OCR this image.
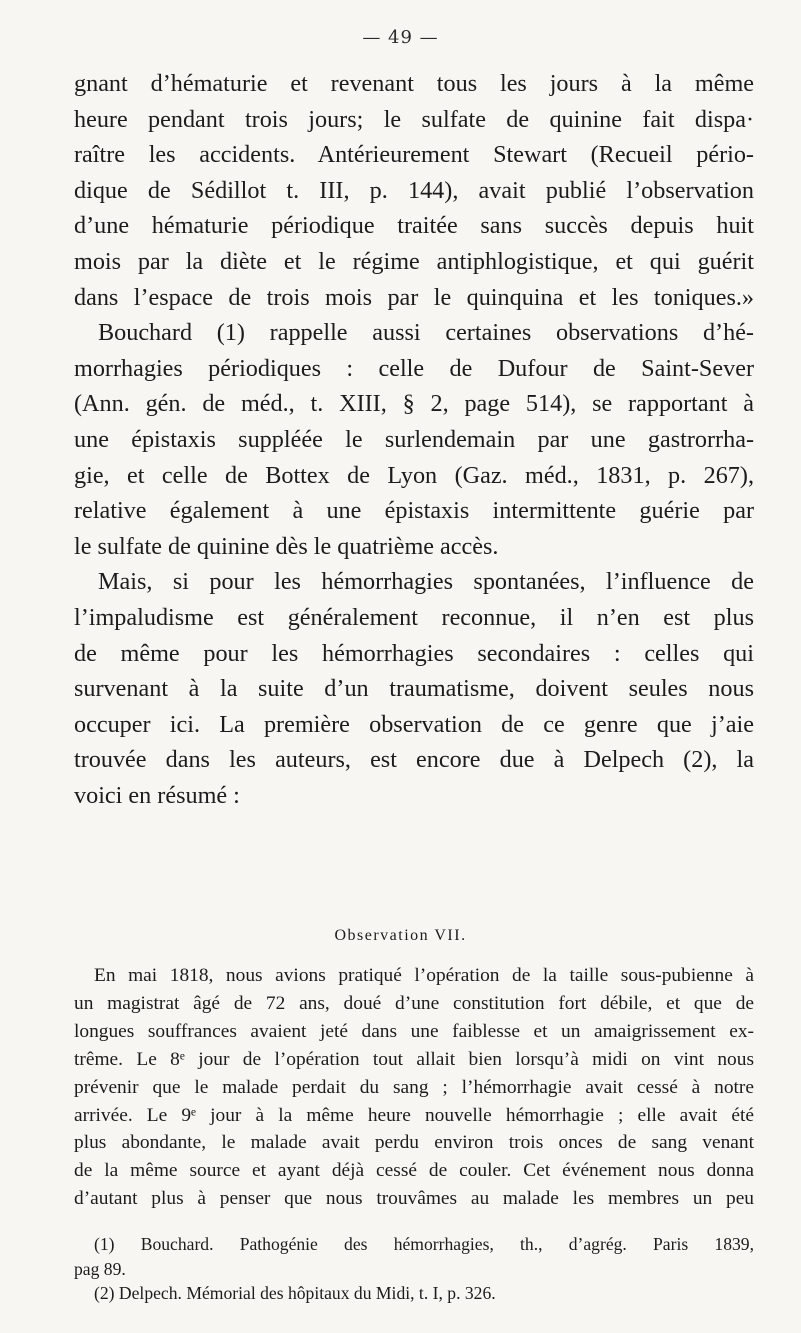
— 49 —
gnant d’hématurie et revenant tous les jours à la même
heure pendant trois jours; le sulfate de quinine fait dispa·
raître les accidents. Antérieurement Stewart (Recueil pério-
dique de Sédillot t. III, p. 144), avait publié l’observation
d’une hématurie périodique traitée sans succès depuis huit
mois par la diète et le régime antiphlogistique, et qui guérit
dans l’espace de trois mois par le quinquina et les toniques.»
Bouchard (1) rappelle aussi certaines observations d’hé-
morrhagies périodiques : celle de Dufour de Saint-Sever
(Ann. gén. de méd., t. XIII, § 2, page 514), se rapportant à
une épistaxis suppléée le surlendemain par une gastrorrha-
gie, et celle de Bottex de Lyon (Gaz. méd., 1831, p. 267),
relative également à une épistaxis intermittente guérie par
le sulfate de quinine dès le quatrième accès.
Mais, si pour les hémorrhagies spontanées, l’influence de
l’impaludisme est généralement reconnue, il n’en est plus
de même pour les hémorrhagies secondaires : celles qui
survenant à la suite d’un traumatisme, doivent seules nous
occuper ici. La première observation de ce genre que j’aie
trouvée dans les auteurs, est encore due à Delpech (2), la
voici en résumé :
Observation VII.
En mai 1818, nous avions pratiqué l’opération de la taille sous-pubienne à
un magistrat âgé de 72 ans, doué d’une constitution fort débile, et que de
longues souffrances avaient jeté dans une faiblesse et un amaigrissement ex-
trême. Le 8ᵉ jour de l’opération tout allait bien lorsqu’à midi on vint nous
prévenir que le malade perdait du sang ; l’hémorrhagie avait cessé à notre
arrivée. Le 9ᵉ jour à la même heure nouvelle hémorrhagie ; elle avait été
plus abondante, le malade avait perdu environ trois onces de sang venant
de la même source et ayant déjà cessé de couler. Cet événement nous donna
d’autant plus à penser que nous trouvâmes au malade les membres un peu
(1) Bouchard. Pathogénie des hémorrhagies, th., d’agrég. Paris 1839,
pag 89.
(2) Delpech. Mémorial des hôpitaux du Midi, t. I, p. 326.
